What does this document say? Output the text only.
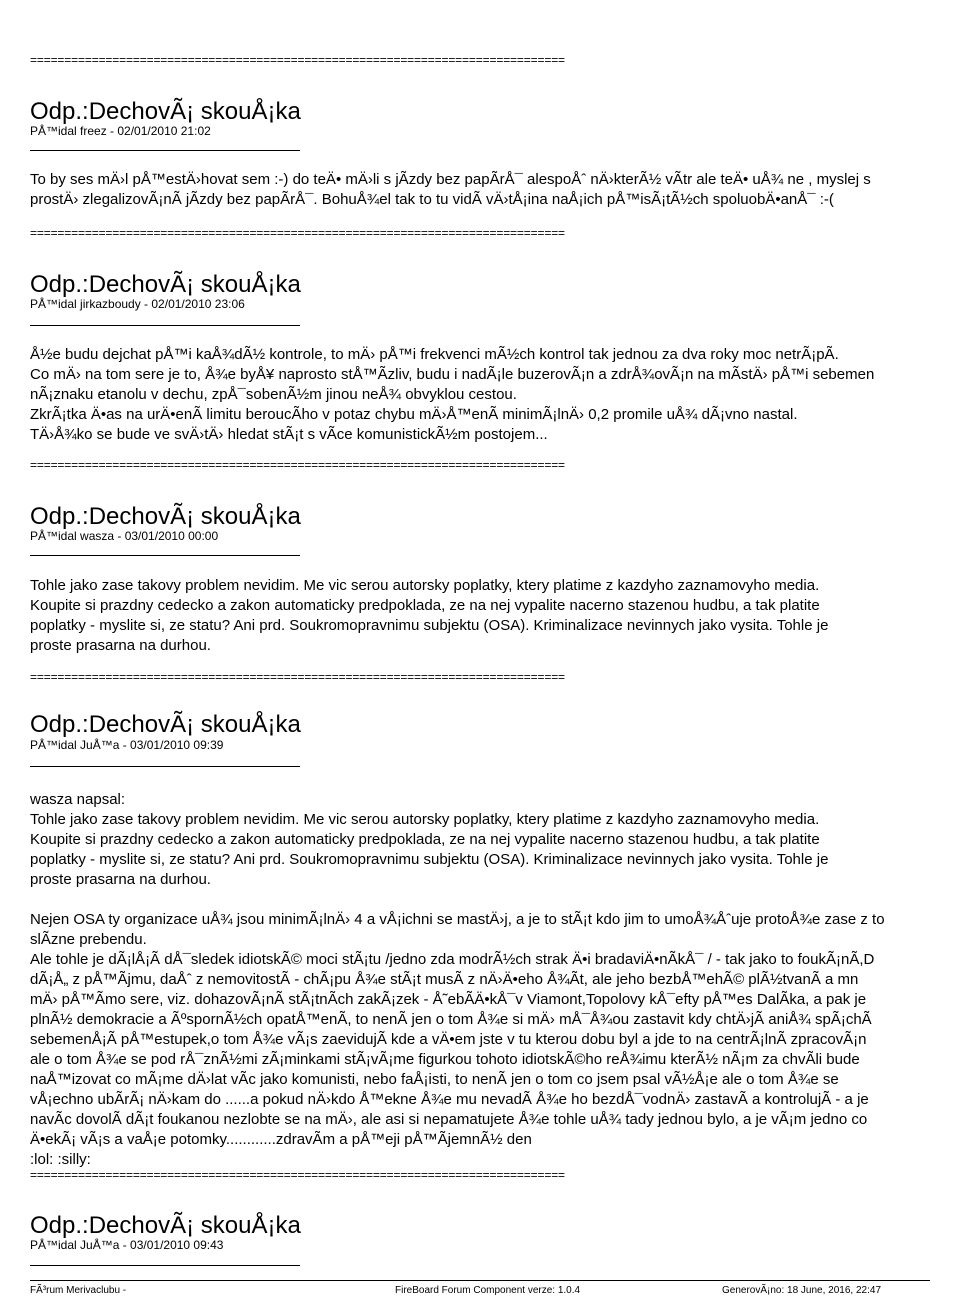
==============================================================================
==============================================================================
==============================================================================
==============================================================================
==============================================================================
Odp.:DechovÃ¡ skouÅ¡ka
PÅ™idal freez - 02/01/2010 21:02

To by ses mÄ›l pÅ™estÄ›hovat sem :-) do teÄ• mÄ›li s jÃzdy bez papÃrÅ¯ alespoÅˆ nÄ›kterÃ½ vÃtr ale teÄ• uÅ¾ ne , myslej s

prostÄ› zlegalizovÃ¡nÃ jÃzdy bez papÃrÅ¯. BohuÅ¾el tak to tu vidÃ vÄ›tÅ¡ina naÅ¡ich pÅ™isÃ¡tÃ½ch spoluobÄ•anÅ¯ :-(

Odp.:DechovÃ¡ skouÅ¡ka
PÅ™idal jirkazboudy - 02/01/2010 23:06

Å½e budu dejchat pÅ™i kaÅ¾dÃ½ kontrole, to mÄ› pÅ™i frekvenci mÃ½ch kontrol tak jednou za dva roky moc netrÃ¡pÃ.

Co mÄ› na tom sere je to, Å¾e byÅ¥ naprosto stÅ™Ãzliv, budu i nadÃ¡le buzerovÃ¡n a zdrÅ¾ovÃ¡n na mÃstÄ› pÅ™i sebemen

nÃ¡znaku etanolu v dechu, zpÅ¯sobenÃ½m jinou neÅ¾ obvyklou cestou.

ZkrÃ¡tka Ä•as na urÄ•enÃ limitu beroucÃho v potaz chybu mÄ›Å™enÃ minimÃ¡lnÄ› 0,2 promile uÅ¾ dÃ¡vno nastal.

TÄ›Å¾ko se bude ve svÄ›tÄ› hledat stÃ¡t s vÃce komunistickÃ½m postojem...

Odp.:DechovÃ¡ skouÅ¡ka
PÅ™idal wasza - 03/01/2010 00:00

Tohle jako zase takovy problem nevidim. Me vic serou autorsky poplatky, ktery platime z kazdyho zaznamovyho media.

Koupite si prazdny cedecko a zakon automaticky predpoklada, ze na nej vypalite nacerno stazenou hudbu, a tak platite

poplatky - myslite si, ze statu? Ani prd. Soukromopravnimu subjektu (OSA). Kriminalizace nevinnych jako vysita. Tohle je

proste prasarna na durhou.

Odp.:DechovÃ¡ skouÅ¡ka
PÅ™idal JuÅ™a - 03/01/2010 09:39

wasza napsal:

Tohle jako zase takovy problem nevidim. Me vic serou autorsky poplatky, ktery platime z kazdyho zaznamovyho media.

Koupite si prazdny cedecko a zakon automaticky predpoklada, ze na nej vypalite nacerno stazenou hudbu, a tak platite

poplatky - myslite si, ze statu? Ani prd. Soukromopravnimu subjektu (OSA). Kriminalizace nevinnych jako vysita. Tohle je

proste prasarna na durhou.

Nejen OSA ty organizace uÅ¾ jsou minimÃ¡lnÄ› 4 a vÅ¡ichni se mastÄ›j, a je to stÃ¡t kdo jim to umoÅ¾Åˆuje protoÅ¾e zase z to

slÃzne prebendu.

Ale tohle je dÃ¡lÅ¡Ã dÅ¯sledek idiotskÃ© moci stÃ¡tu /jedno zda modrÃ½ch strak Ä•i bradaviÄ•nÃkÅ¯ / - tak jako to foukÃ¡nÃ,D

dÃ¡Å„ z pÅ™Ãjmu, daÅˆ z nemovitostÃ - chÃ¡pu Å¾e stÃ¡t musÃ z nÄ›Ä•eho Å¾Ãt, ale jeho bezbÅ™ehÃ© plÃ½tvanÃ a mn

mÄ› pÅ™Ãmo sere, viz. dohazovÃ¡nÃ stÃ¡tnÃch zakÃ¡zek - Å˜ebÃÄ•kÅ¯v Viamont,Topolovy kÅ¯efty pÅ™es DalÃka, a pak je

plnÃ½ demokracie a ÃºspornÃ½ch opatÅ™enÃ, to nenÃ jen o tom Å¾e si mÄ› mÅ¯Å¾ou zastavit kdy chtÄ›jÃ aniÅ¾ spÃ¡chÃ

sebemenÅ¡Ã pÅ™estupek,o tom Å¾e vÃ¡s zaevidujÃ kde a vÄ•em jste v tu kterou dobu byl a jde to na centrÃ¡lnÃ zpracovÃ¡n

ale o tom Å¾e se pod rÅ¯znÃ½mi zÃ¡minkami stÃ¡vÃ¡me figurkou tohoto idiotskÃ©ho reÅ¾imu kterÃ½ nÃ¡m za chvÃli bude

naÅ™izovat co mÃ¡me dÄ›lat vÃc jako komunisti, nebo faÅ¡isti, to nenÃ jen o tom co jsem psal vÃ½Å¡e ale o tom Å¾e se

vÅ¡echno ubÃrÃ¡ nÄ›kam do ......a pokud nÄ›kdo Å™ekne Å¾e mu nevadÃ Å¾e ho bezdÅ¯vodnÄ› zastavÃ a kontrolujÃ - a je

navÃc dovolÃ dÃ¡t foukanou nezlobte se na mÄ›, ale asi si nepamatujete Å¾e tohle uÅ¾ tady jednou bylo, a je vÃ¡m jedno co

Ä•ekÃ¡ vÃ¡s a vaÅ¡e potomky............zdravÃm a pÅ™eji pÅ™ÃjemnÃ½ den

:lol: :silly:

Odp.:DechovÃ¡ skouÅ¡ka
PÅ™idal JuÅ™a - 03/01/2010 09:43
FÃ³rum Merivaclubu -	FireBoard Forum Component verze: 1.0.4	GenerovÃ¡no: 18 June, 2016, 22:47
